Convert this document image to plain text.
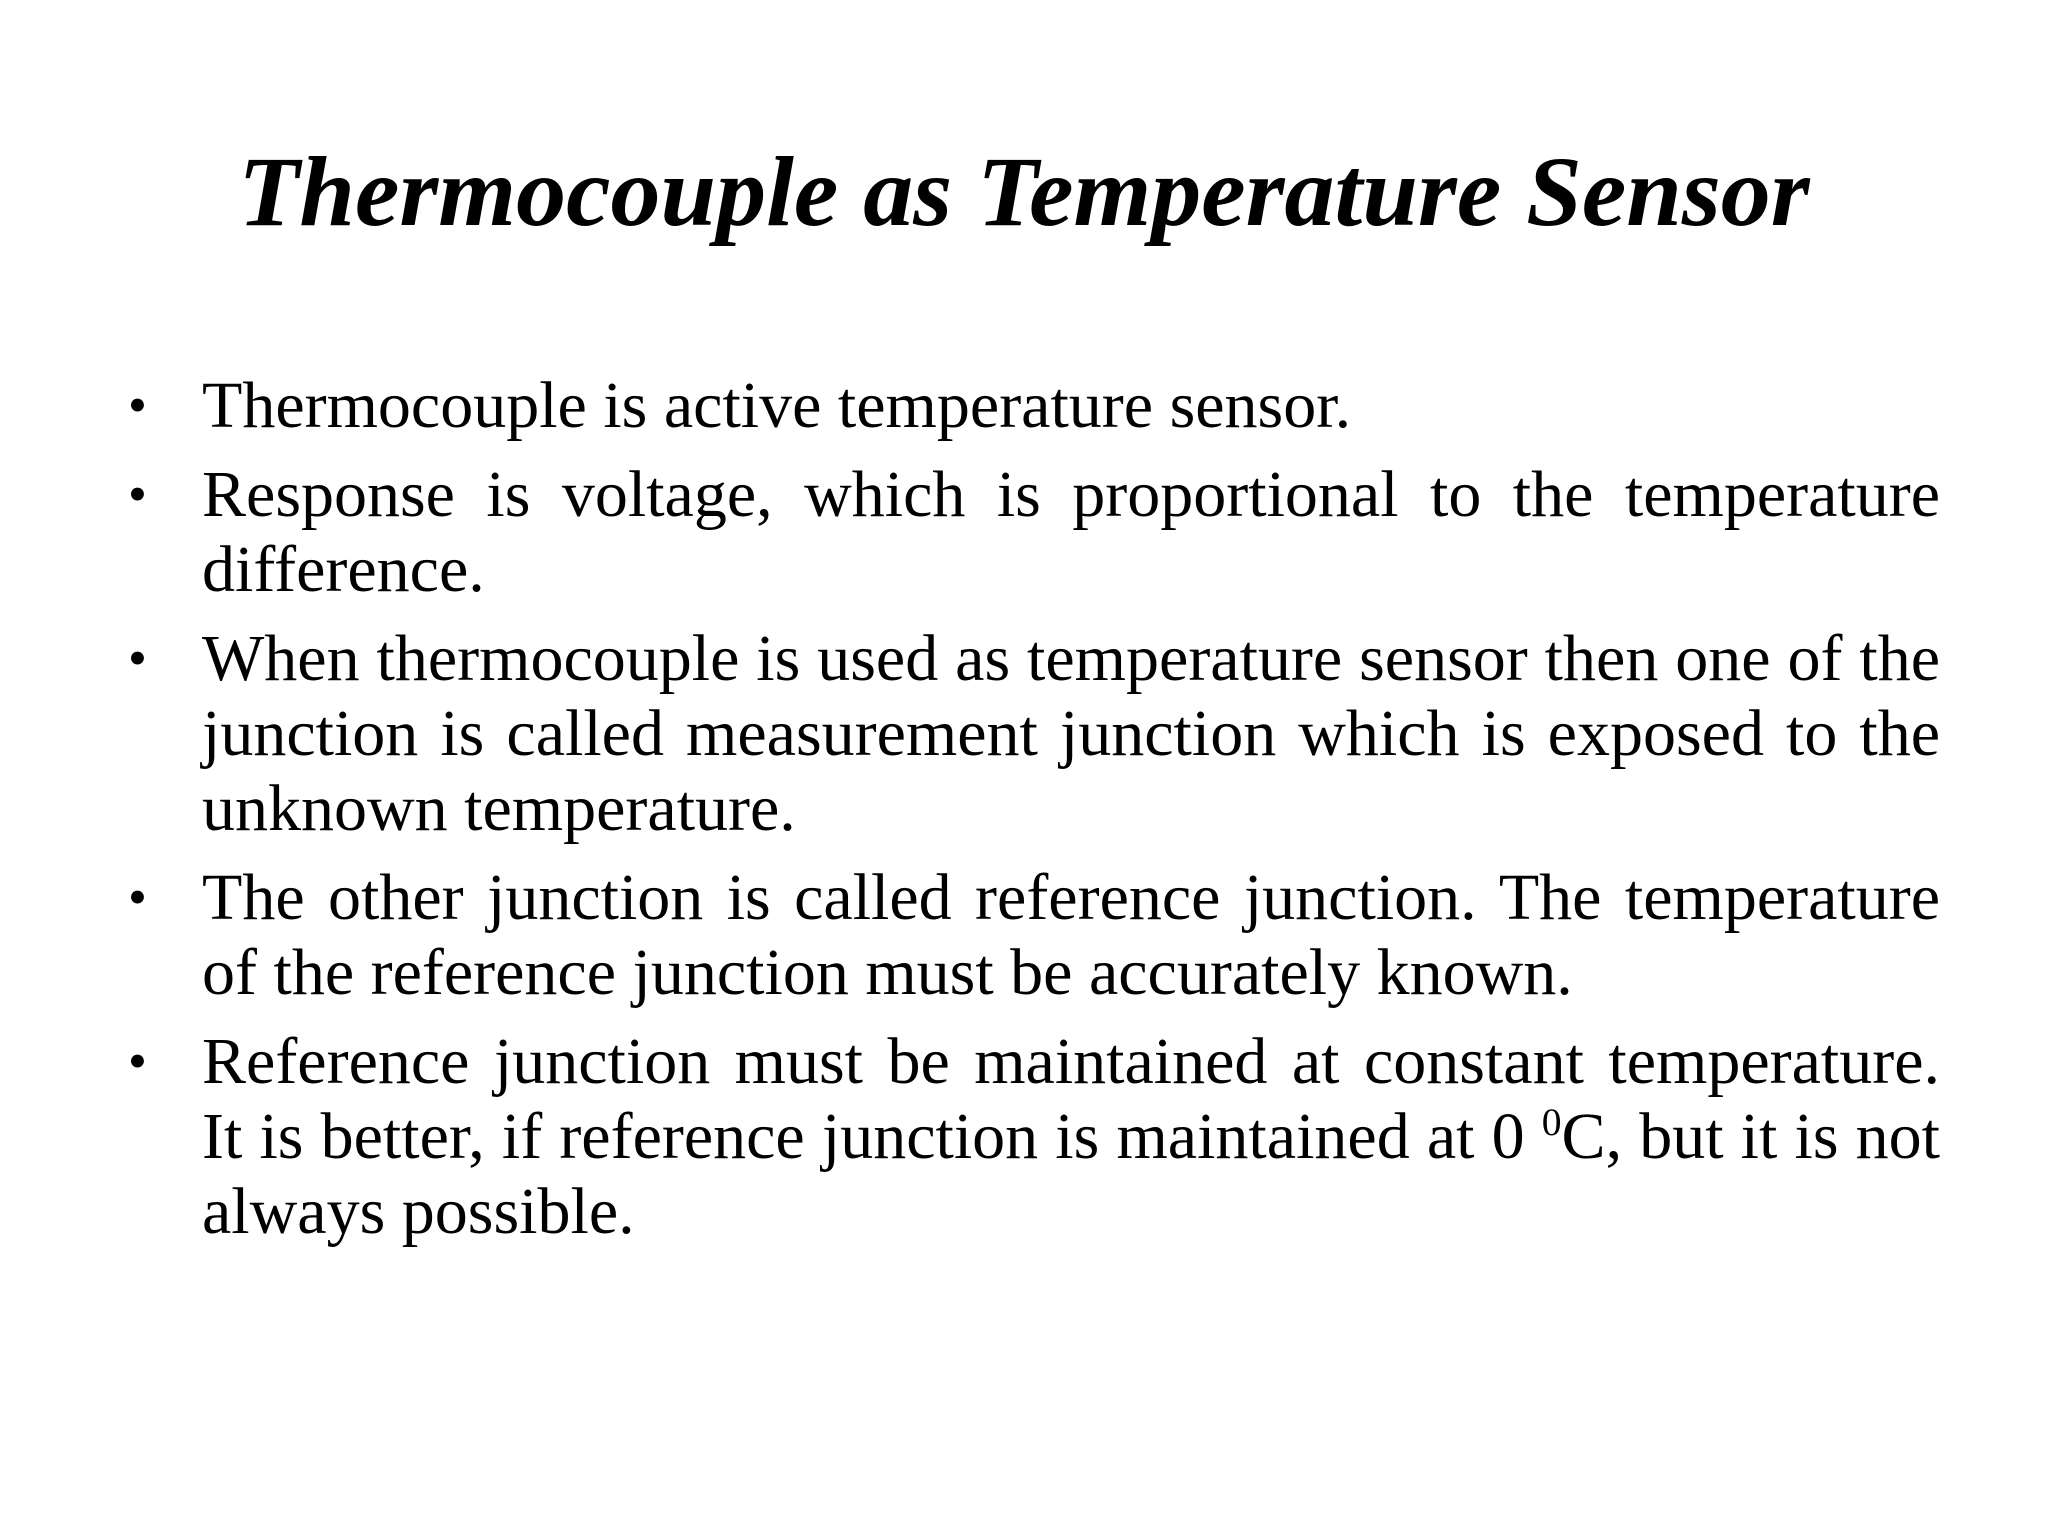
Thermocouple as Temperature Sensor
• Thermocouple is active temperature sensor.
• Response is voltage, which is proportional to the temperature difference.
• When thermocouple is used as temperature sensor then one of the junction is called measurement junction which is exposed to the unknown temperature.
• The other junction is called reference junction. The temperature of the reference junction must be accurately known.
• Reference junction must be maintained at constant temperature. It is better, if reference junction is maintained at 0 $^0$C, but it is not always possible.
